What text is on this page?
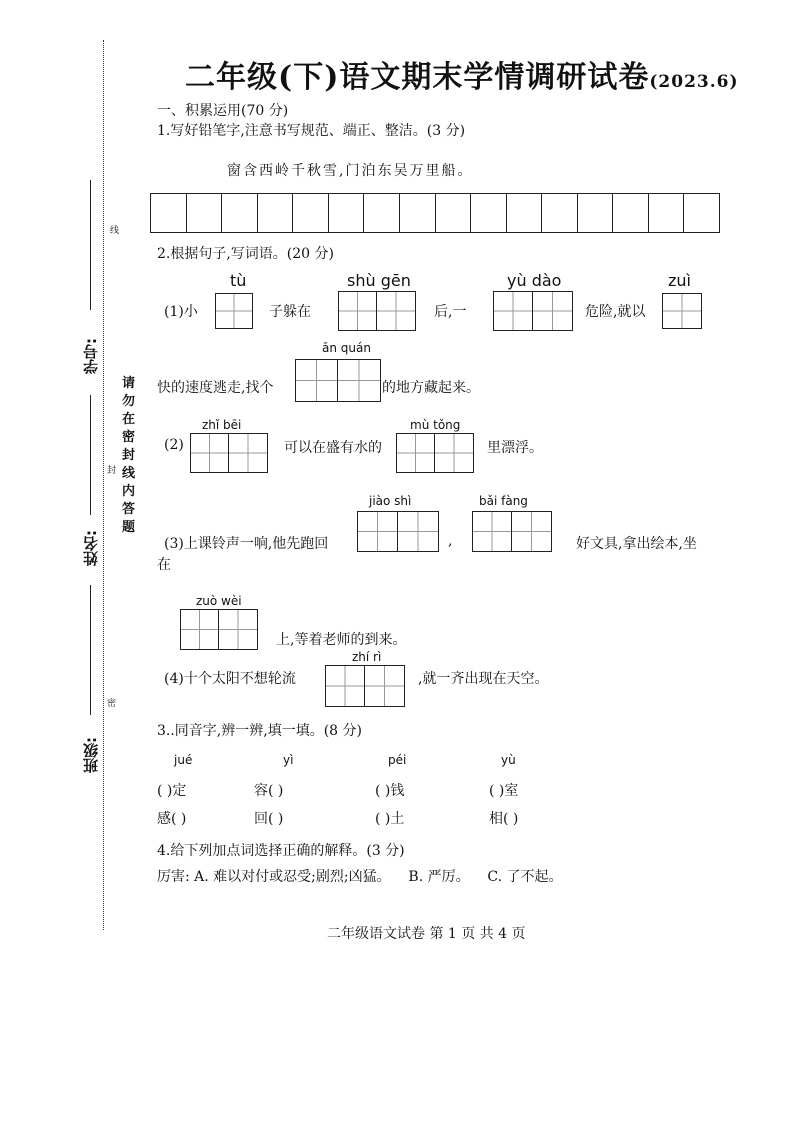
学号:
姓名:
班级:
请勿在密封线内答题
线
封
密
二年级(下)语文期末学情调研试卷(2023.6)
一、积累运用(70 分)
1.写好铅笔字,注意书写规范、端正、整洁。(3 分)
窗含西岭千秋雪,门泊东吴万里船。
2.根据句子,写词语。(20 分)
tù	shù gēn	yù dào	zuì
(1)小	子躲在	后,一	危险,就以
ān quán
快的速度逃走,找个	的地方藏起来。
zhǐ bēi	mù tǒng
(2)	可以在盛有水的	里漂浮。
jiào shì	bǎi fàng
(3)上课铃声一响,他先跑回	,	好文具,拿出绘本,坐
在
zuò wèi
上,等着老师的到来。
zhí rì
(4)十个太阳不想轮流	,就一齐出现在天空。
3..同音字,辨一辨,填一填。(8 分)
jué	yì	péi	yù
( )定	容( )	( )钱	( )室
感( )	回( )	( )土	相( )
4.给下列加点词选择正确的解释。(3 分)
厉害: A. 难以对付或忍受;剧烈;凶猛。    B. 严厉。    C. 了不起。
二年级语文试卷 第 1 页 共 4 页
